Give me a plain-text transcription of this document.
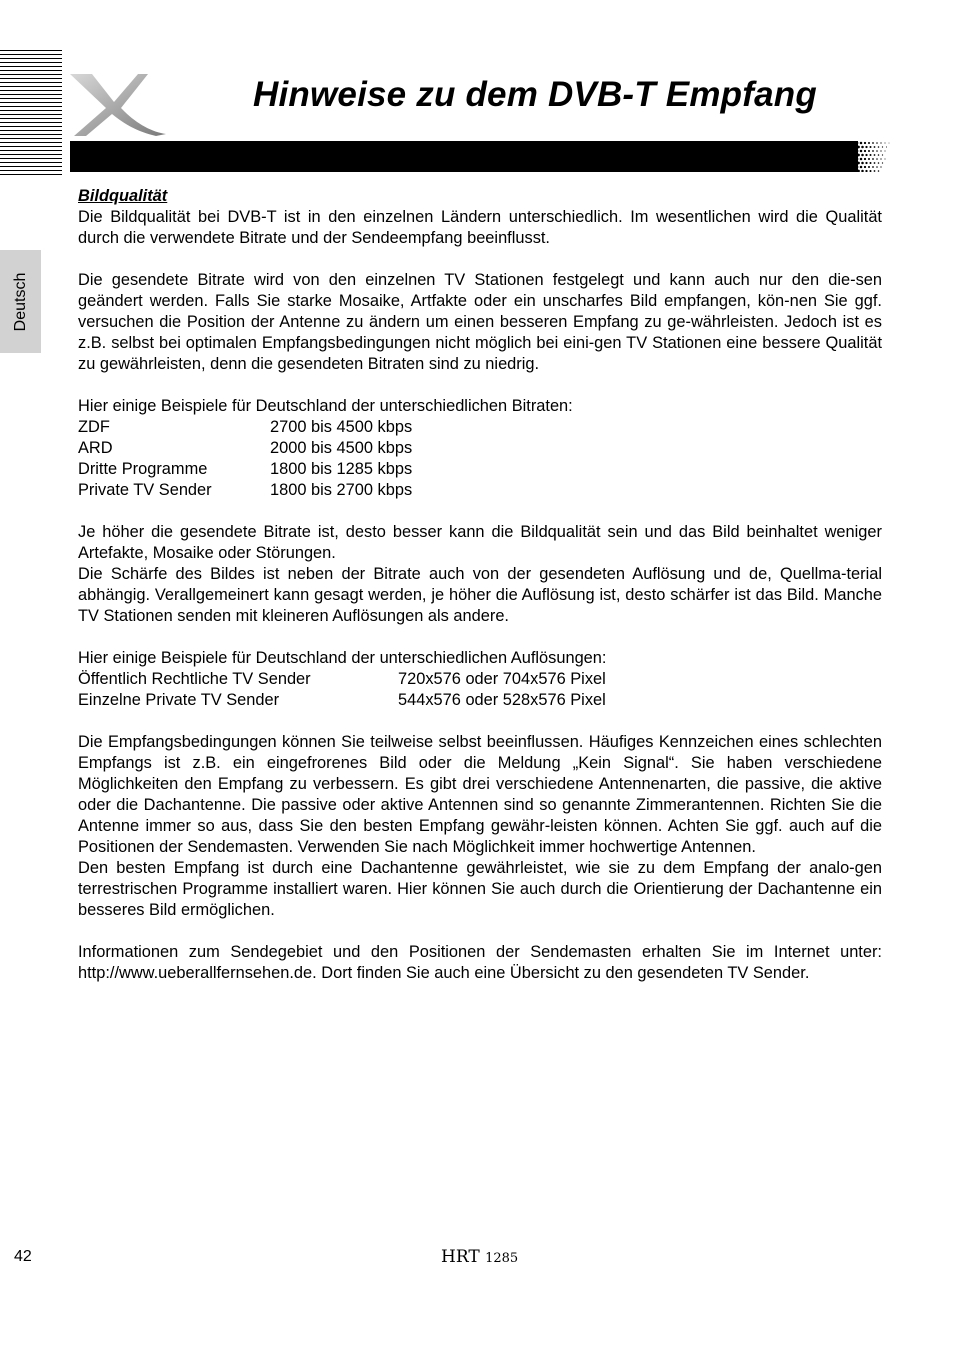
Hinweise zu dem DVB-T Empfang
Deutsch

Bildqualität

Die Bildqualität bei DVB-T ist in den einzelnen Ländern unterschiedlich. Im wesentlichen wird die Qualität durch die verwendete Bitrate und der Sendeempfang beeinflusst.

Die gesendete Bitrate wird von den einzelnen TV Stationen festgelegt und kann auch nur den die-sen geändert werden. Falls Sie starke Mosaike, Artfakte oder ein unscharfes Bild empfangen, kön-nen Sie ggf. versuchen die Position der Antenne zu ändern um einen besseren Empfang zu ge-währleisten. Jedoch ist es z.B. selbst bei optimalen Empfangsbedingungen nicht möglich bei eini-gen TV Stationen eine bessere Qualität zu gewährleisten, denn die gesendeten Bitraten sind zu niedrig.

Hier einige Beispiele für Deutschland der unterschiedlichen Bitraten:

ZDF	2700 bis 4500 kbps
ARD	2000 bis 4500 kbps
Dritte Programme	1800 bis 1285 kbps
Private TV Sender	1800 bis 2700 kbps

Je höher die gesendete Bitrate ist, desto besser kann die Bildqualität sein und das Bild beinhaltet weniger Artefakte, Mosaike oder Störungen.

Die Schärfe des Bildes ist neben der Bitrate auch von der gesendeten Auflösung und de, Quellma-terial abhängig. Verallgemeinert kann gesagt werden, je höher die Auflösung ist, desto schärfer ist das Bild. Manche TV Stationen senden mit kleineren Auflösungen als andere.

Hier einige Beispiele für Deutschland der unterschiedlichen Auflösungen:

Öffentlich Rechtliche TV Sender	720x576 oder 704x576 Pixel
Einzelne Private TV Sender	544x576 oder 528x576 Pixel

Die Empfangsbedingungen können Sie teilweise selbst beeinflussen. Häufiges Kennzeichen eines schlechten Empfangs ist z.B. ein eingefrorenes Bild oder die Meldung „Kein Signal“. Sie haben verschiedene Möglichkeiten den Empfang zu verbessern. Es gibt drei verschiedene Antennenarten, die passive, die aktive oder die Dachantenne. Die passive oder aktive Antennen sind so genannte Zimmerantennen. Richten Sie die Antenne immer so aus, dass Sie den besten Empfang gewähr-leisten können. Achten Sie ggf. auch auf die Positionen der Sendemasten. Verwenden Sie nach Möglichkeit immer hochwertige Antennen.

Den besten Empfang ist durch eine Dachantenne gewährleistet, wie sie zu dem Empfang der analo-gen terrestrischen Programme installiert waren. Hier können Sie auch durch die Orientierung der Dachantenne ein besseres Bild ermöglichen.

Informationen zum Sendegebiet und den Positionen der Sendemasten erhalten Sie im Internet unter: http://www.ueberallfernsehen.de. Dort finden Sie auch eine Übersicht zu den gesendeten TV Sender.

42	HRT 1285
